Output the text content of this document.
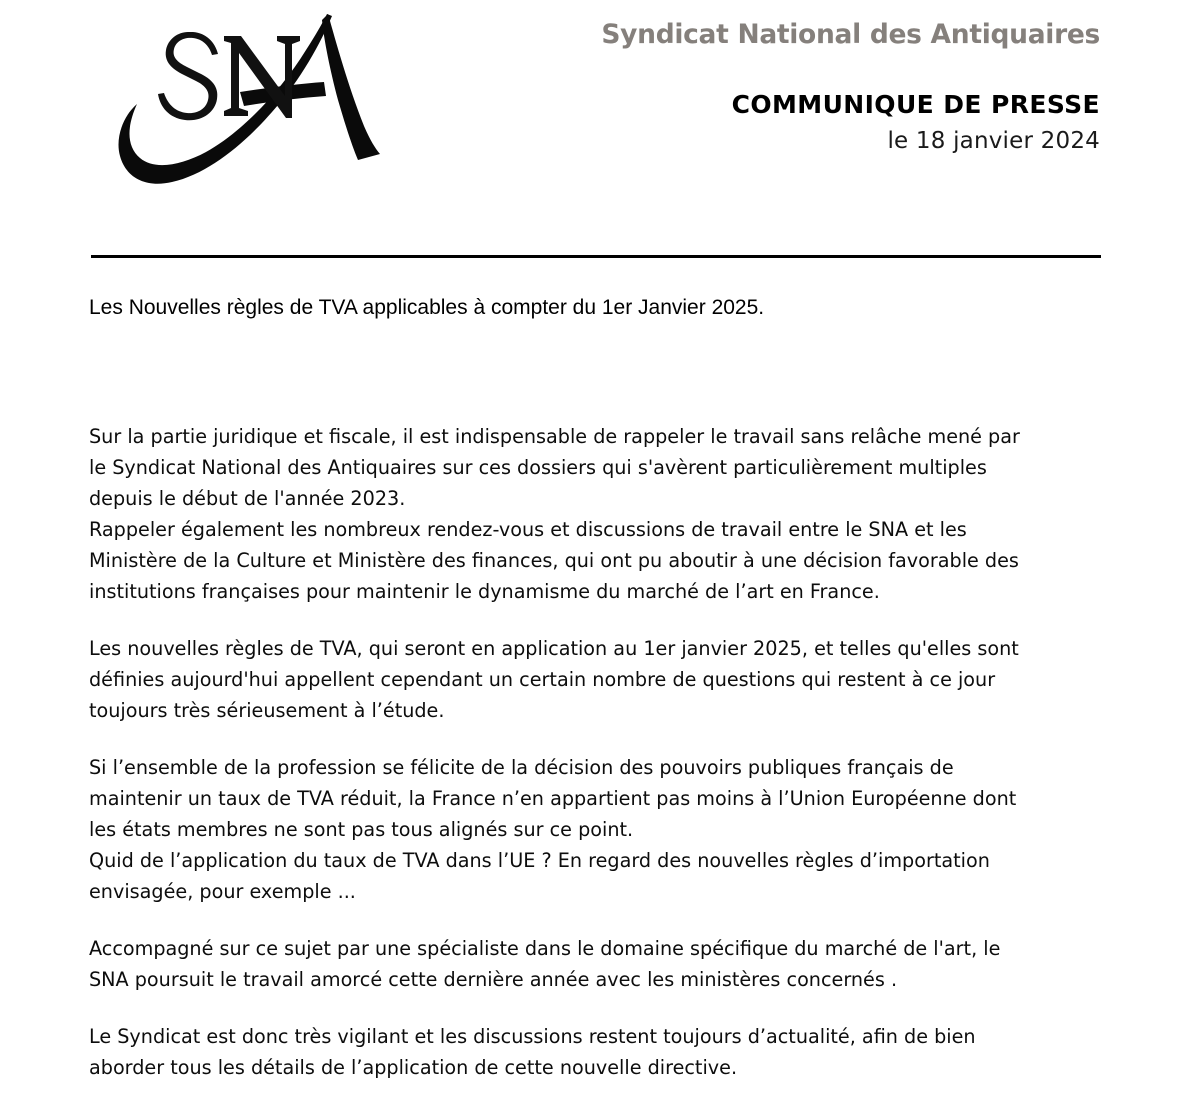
Syndicat National des Antiquaires
COMMUNIQUE DE PRESSE
le 18 janvier 2024
Les Nouvelles règles de TVA applicables à compter du 1er Janvier 2025.

Sur la partie juridique et fiscale, il est indispensable de rappeler le travail sans relâche mené par
le Syndicat National des Antiquaires sur ces dossiers qui s'avèrent particulièrement multiples
depuis le début de l'année 2023.
Rappeler également les nombreux rendez-vous et discussions de travail entre le SNA et les
Ministère de la Culture et Ministère des finances, qui ont pu aboutir à une décision favorable des
institutions françaises pour maintenir le dynamisme du marché de l’art en France.

Les nouvelles règles de TVA, qui seront en application au 1er janvier 2025, et telles qu'elles sont
définies aujourd'hui appellent cependant un certain nombre de questions qui restent à ce jour
toujours très sérieusement à l’étude.

Si l’ensemble de la profession se félicite de la décision des pouvoirs publiques français de
maintenir un taux de TVA réduit, la France n’en appartient pas moins à l’Union Européenne dont
les états membres ne sont pas tous alignés sur ce point.
Quid de l’application du taux de TVA dans l’UE ? En regard des nouvelles règles d’importation
envisagée, pour exemple ...

Accompagné sur ce sujet par une spécialiste dans le domaine spécifique du marché de l'art, le
SNA poursuit le travail amorcé cette dernière année avec les ministères concernés .

Le Syndicat est donc très vigilant et les discussions restent toujours d’actualité, afin de bien
aborder tous les détails de l’application de cette nouvelle directive.
